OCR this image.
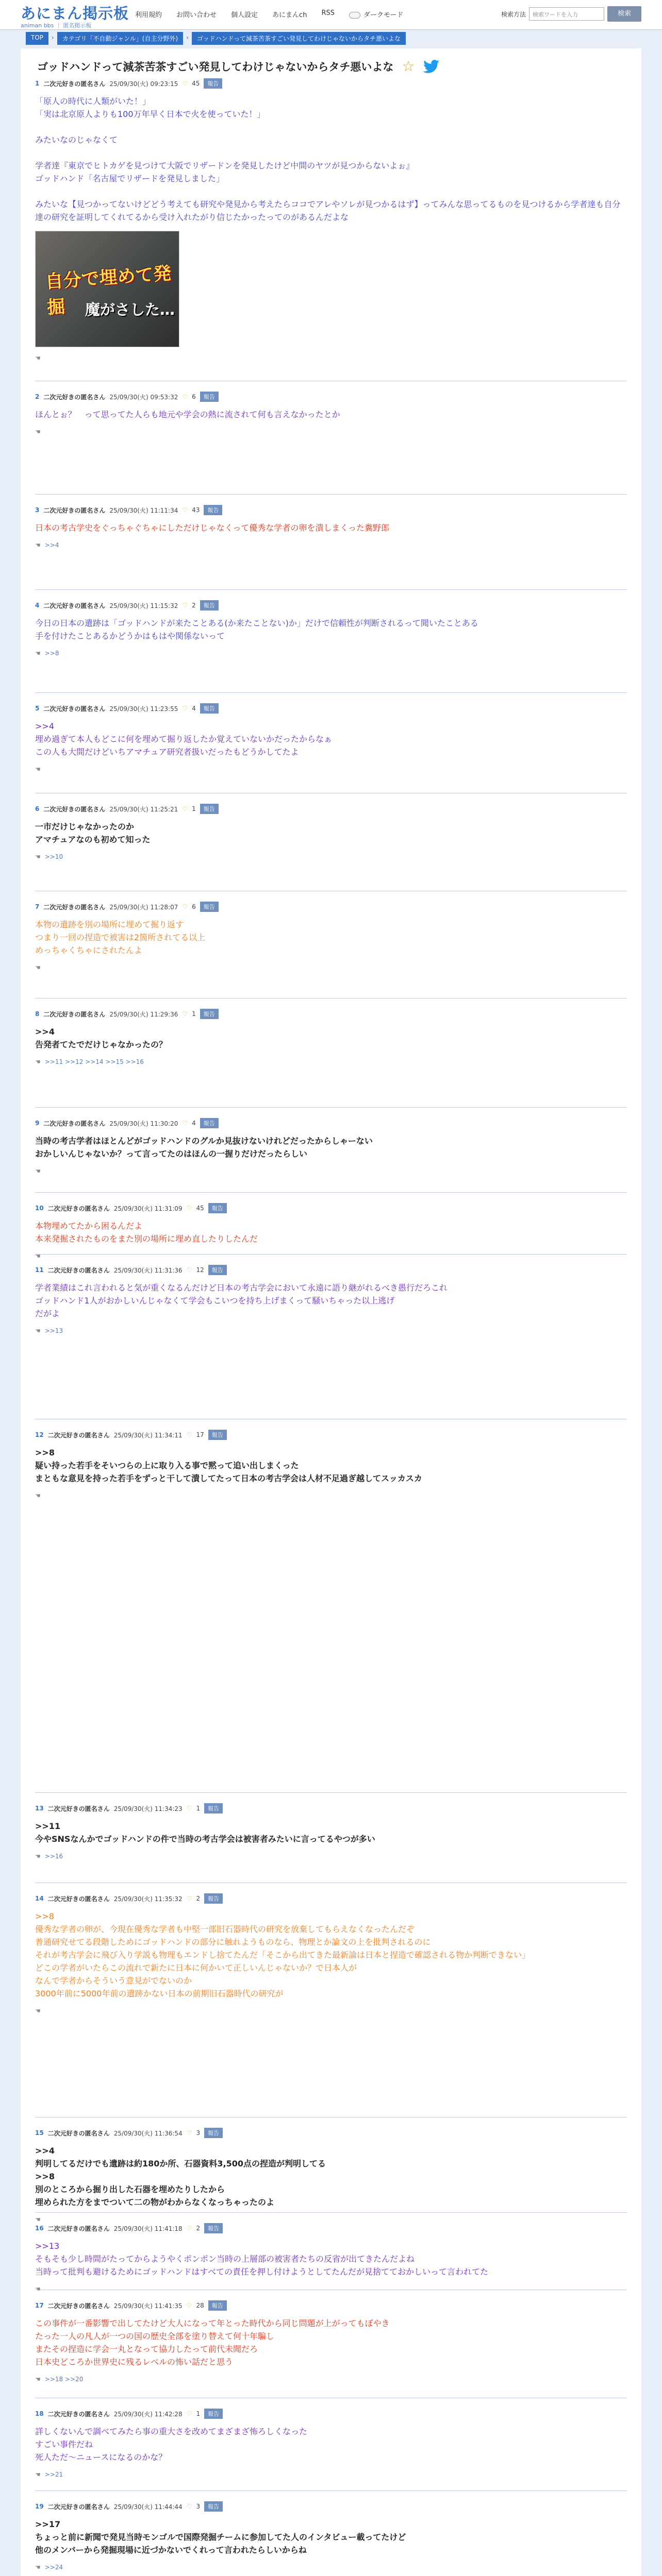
あにまん掲示板
animan bbs ｜ 匿名掲示板
利用規約 お問い合わせ 個人設定 あにまんch RSS	ダークモード	検索方法	検索ワードを入力	検索
TOP	›	カテゴリ「不自動ジャンル」(自主分野外)	›	ゴッドハンドって減茶苦茶すごい発見してわけじゃないからタチ悪いよな
ゴッドハンドって減茶苦茶すごい発見してわけじゃないからタチ悪いよな ☆
1 二次元好きの匿名さん 25/09/30(火) 09:23:15 ♡ 45	報告
「原人の時代に人類がいた！」
「実は北京原人よりも100万年早く日本で火を使っていた！」

みたいなのじゃなくて

学者達『東京でヒトカゲを見つけて大阪でリザードンを発見したけど中間のヤツが見つからないよぉ』
ゴッドハンド「名古屋でリザードを発見しました」

みたいな【見つかってないけどどう考えても研究や発見から考えたらココでアレやソレが見つかるはず】ってみんな思ってるものを見つけるから学者達も自分達の研究を証明してくれてるから受け入れたがり信じたかったってのがあるんだよな
自分で埋めて発掘	魔がさした…
☚
2 二次元好きの匿名さん 25/09/30(火) 09:53:32 ♡ 6	報告
ほんとぉ？　って思ってた人らも地元や学会の熱に流されて何も言えなかったとか
☚
3 二次元好きの匿名さん 25/09/30(火) 11:11:34 ♡ 43	報告
日本の考古学史をぐっちゃぐちゃにしただけじゃなくって優秀な学者の卵を潰しまくった糞野郎
☚ >>4
4 二次元好きの匿名さん 25/09/30(火) 11:15:32 ♡ 2	報告
今日の日本の遺跡は「ゴッドハンドが来たことある(か来たことない)か」だけで信頼性が判断されるって聞いたことある
手を付けたことあるかどうかはもはや関係ないって
☚ >>8
5 二次元好きの匿名さん 25/09/30(火) 11:23:55 ♡ 4	報告
>>4
埋め過ぎて本人もどこに何を埋めて掘り返したか覚えていないかだったからなぁ
この人も大間だけどいちアマチュア研究者扱いだったもどうかしてたよ
☚
6 二次元好きの匿名さん 25/09/30(火) 11:25:21 ♡ 1	報告
一市だけじゃなかったのか
アマチュアなのも初めて知った
☚ >>10
7 二次元好きの匿名さん 25/09/30(火) 11:28:07 ♡ 6	報告
本物の遺跡を別の場所に埋めて掘り返す
つまり一回の捏造で被害は2箇所されてる以上
めっちゃくちゃにされたんよ
☚
8 二次元好きの匿名さん 25/09/30(火) 11:29:36 ♡ 1	報告
>>4
告発者てたでだけじゃなかったの？
☚ >>11 >>12 >>14 >>15 >>16
9 二次元好きの匿名さん 25/09/30(火) 11:30:20 ♡ 4	報告
当時の考古学者はほとんどがゴッドハンドのグルか見抜けないけれどだったからしゃーない
おかしいんじゃないか？って言ってたのはほんの一握りだけだったらしい
☚
10 二次元好きの匿名さん 25/09/30(火) 11:31:09 ♡ 45	報告
本物埋めてたから困るんだよ
本来発掘されたものをまた別の場所に埋め直したりしたんだ
☚
11 二次元好きの匿名さん 25/09/30(火) 11:31:36 ♡ 12	報告
学者業績はこれ言われると気が重くなるんだけど日本の考古学会において永遠に語り継がれるべき愚行だろこれ
ゴッドハンド1人がおかしいんじゃなくて学会もこいつを持ち上げまくって騒いちゃった以上逃げ
だがよ
☚ >>13
12 二次元好きの匿名さん 25/09/30(火) 11:34:11 ♡ 17	報告
>>8
疑い持った若手をそいつらの上に取り入る事で黙って追い出しまくった
まともな意見を持った若手をずっと干して潰してたって日本の考古学会は人材不足過ぎ越してスッカスカ
☚
13 二次元好きの匿名さん 25/09/30(火) 11:34:23 ♡ 1	報告
>>11
今やSNSなんかでゴッドハンドの件で当時の考古学会は被害者みたいに言ってるやつが多い
☚ >>16
14 二次元好きの匿名さん 25/09/30(火) 11:35:32 ♡ 2	報告
>>8
優秀な学者の卵が、今現在優秀な学者も中堅一部旧石器時代の研究を放棄してもらえなくなったんだぞ
普通研究せてる段階しためにゴッドハンドの部分に触れようものなら、物理とか論文の上を批判されるのに
それが考古学会に飛び入り学説も物理もエンドし捨てたんだ「そこから出てきた最新論は日本と捏造で確認される物か判断できない」
どこの学者がいたらこの流れで新たに日本に何かいて正しいんじゃないか？で日本人が
なんで学者からそういう意見がでないのか
3000年前に5000年前の遺跡かない日本の前期旧石器時代の研究が
☚
15 二次元好きの匿名さん 25/09/30(火) 11:36:54 ♡ 3	報告
>>4
判明してるだけでも遺跡は約180か所、石器資料3,500点の捏造が判明してる
>>8
別のところから掘り出した石器を埋めたりしたから
埋められた方をまでついて二の物がわからなくなっちゃったのよ
☚
16 二次元好きの匿名さん 25/09/30(火) 11:41:18 ♡ 2	報告
>>13
そもそも少し時間がたってからようやくポンポン当時の上層部の被害者たちの反省が出てきたんだよね
当時って批判も避けるためにゴッドハンドはすべての責任を押し付けようとしてたんだが見捨てておかしいって言われてた
☚
17 二次元好きの匿名さん 25/09/30(火) 11:41:35 ♡ 28	報告
この事件が一番影響で出してたけど大人になって年とった時代から同じ問題が上がってもぼやき
たった一人の凡人が一つの国の歴史全部を塗り替えて何十年騙し
またその捏造に学会一丸となって協力したって前代未聞だろ
日本史どころか世界史に残るレベルの怖い話だと思う
☚ >>18 >>20
18 二次元好きの匿名さん 25/09/30(火) 11:42:28 ♡ 1	報告
詳しくないんで調べてみたら事の重大さを改めてまざまざ怖ろしくなった
すごい事件だね
死人ただ～ニュースになるのかな？
☚ >>21
19 二次元好きの匿名さん 25/09/30(火) 11:44:44 ♡ 3	報告
>>17
ちょっと前に新聞で発見当時モンゴルで国際発掘チームに参加してた人のインタビュー載ってたけど
他のメンバーから発掘現場に近づかないでくれって言われたらしいからね
☚ >>24
